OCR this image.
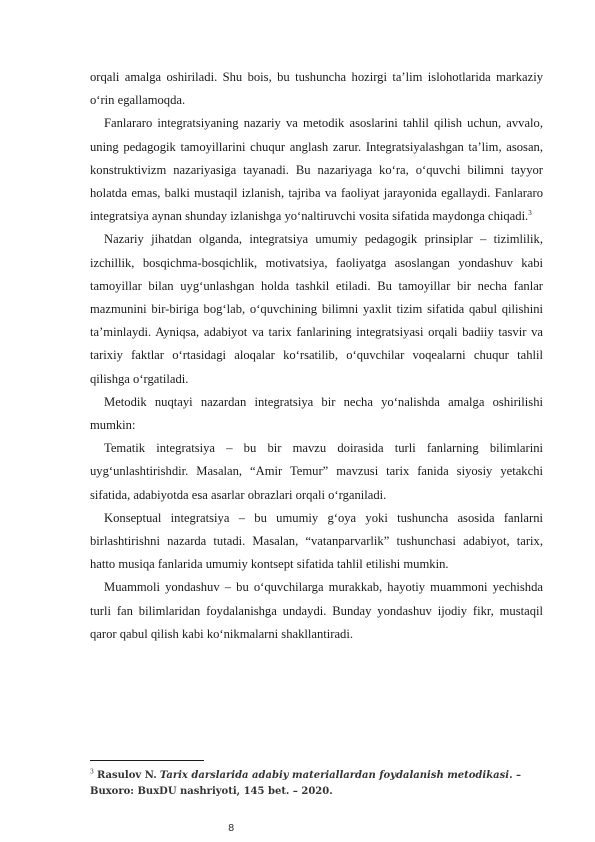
orqali amalga oshiriladi. Shu bois, bu tushuncha hozirgi ta’lim islohotlarida markaziy o‘rin egallamoqda.

Fanlararo integratsiyaning nazariy va metodik asoslarini tahlil qilish uchun, avvalo, uning pedagogik tamoyillarini chuqur anglash zarur. Integratsiyalashgan ta’lim, asosan, konstruktivizm nazariyasiga tayanadi. Bu nazariyaga ko‘ra, o‘quvchi bilimni tayyor holatda emas, balki mustaqil izlanish, tajriba va faoliyat jarayonida egallaydi. Fanlararo integratsiya aynan shunday izlanishga yo‘naltiruvchi vosita sifatida maydonga chiqadi.$^3$

Nazariy jihatdan olganda, integratsiya umumiy pedagogik prinsiplar – tizimlilik, izchillik, bosqichma-bosqichlik, motivatsiya, faoliyatga asoslangan yondashuv kabi tamoyillar bilan uyg‘unlashgan holda tashkil etiladi. Bu tamoyillar bir necha fanlar mazmunini bir-biriga bog‘lab, o‘quvchining bilimni yaxlit tizim sifatida qabul qilishini ta’minlaydi. Ayniqsa, adabiyot va tarix fanlarining integratsiyasi orqali badiiy tasvir va tarixiy faktlar o‘rtasidagi aloqalar ko‘rsatilib, o‘quvchilar voqealarni chuqur tahlil qilishga o‘rgatiladi.

Metodik nuqtayi nazardan integratsiya bir necha yo‘nalishda amalga oshirilishi mumkin:

Tematik integratsiya – bu bir mavzu doirasida turli fanlarning bilimlarini uyg‘unlashtirishdir. Masalan, “Amir Temur” mavzusi tarix fanida siyosiy yetakchi sifatida, adabiyotda esa asarlar obrazlari orqali o‘rganiladi.

Konseptual integratsiya – bu umumiy g‘oya yoki tushuncha asosida fanlarni birlashtirishni nazarda tutadi. Masalan, “vatanparvarlik” tushunchasi adabiyot, tarix, hatto musiqa fanlarida umumiy kontsept sifatida tahlil etilishi mumkin.

Muammoli yondashuv – bu o‘quvchilarga murakkab, hayotiy muammoni yechishda turli fan bilimlaridan foydalanishga undaydi. Bunday yondashuv ijodiy fikr, mustaqil qaror qabul qilish kabi ko‘nikmalarni shakllantiradi.

$^3$ Rasulov N. Tarix darslarida adabiy materiallardan foydalanish metodikasi. – Buxoro: BuxDU nashriyoti, 145 bet. – 2020.
8
